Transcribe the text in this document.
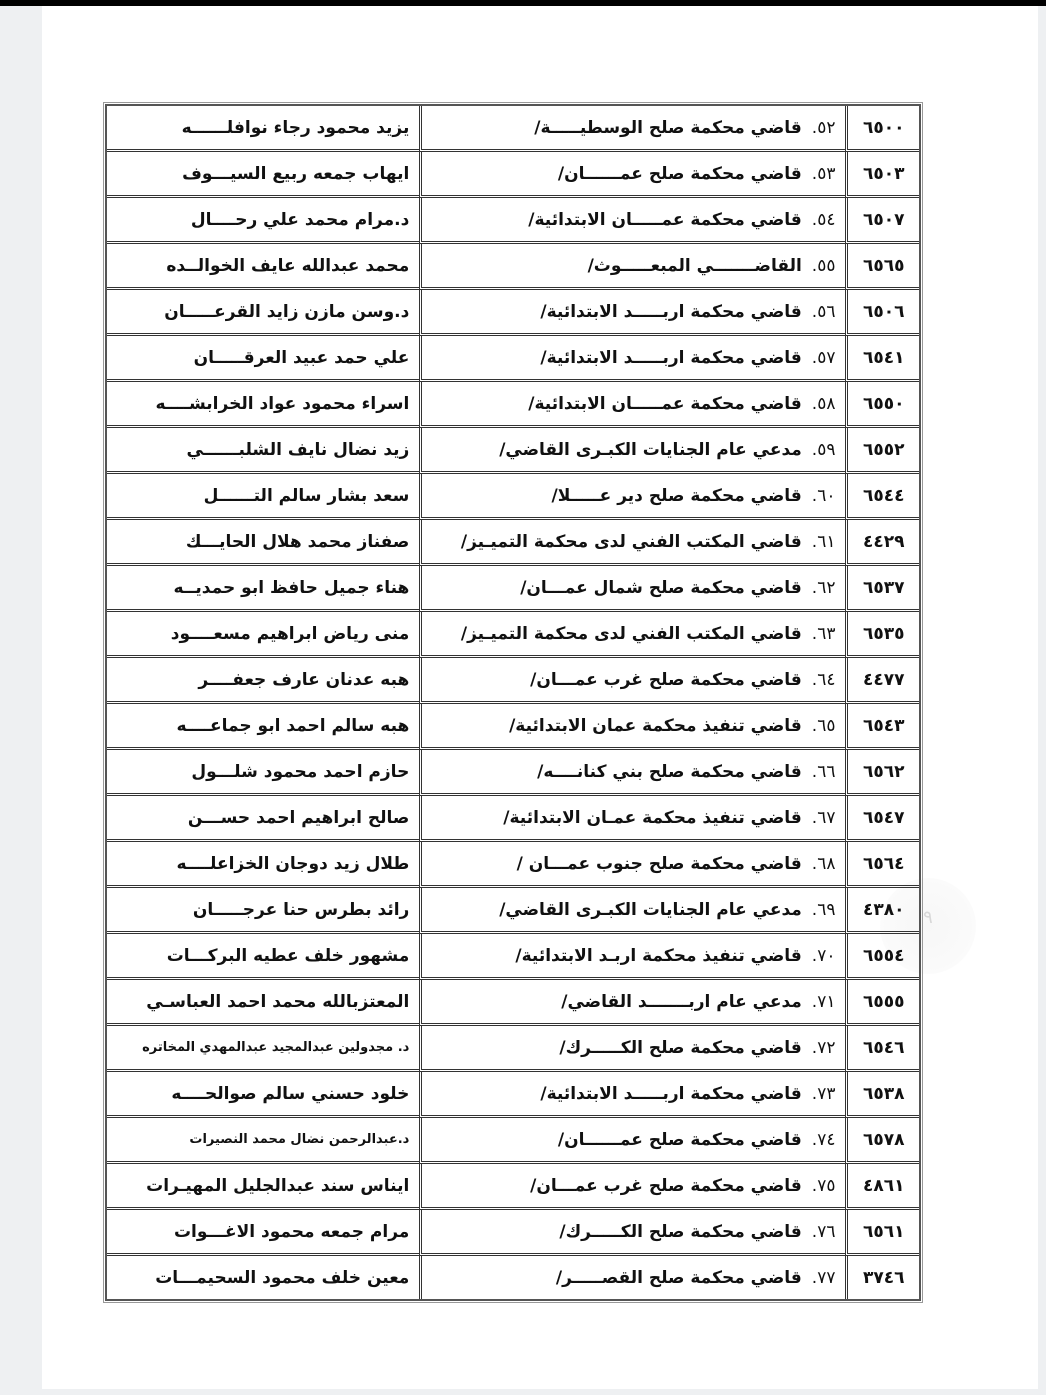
٩
٦٥٠٠	٥٢.قاضي محكمة صلح الوسطيـــــة/	يزيد محمود رجاء نوافلــــــه
٦٥٠٣	٥٣.قاضي محكمة صلح عمــــــان/	ايهاب جمعه ربيع السيـــوف
٦٥٠٧	٥٤.قاضي محكمة عمـــــان الابتدائية/	د.مرام محمد علي رحــــال
٦٥٦٥	٥٥.القاضـــــــي المبعـــــوث/	محمد عبدالله عايف الخوالــده
٦٥٠٦	٥٦.قاضي محكمة اربـــــد الابتدائية/	د.وسن مازن زايد القرعـــــان
٦٥٤١	٥٧.قاضي محكمة اربـــــد الابتدائية/	علي حمد عبيد العرقـــــان
٦٥٥٠	٥٨.قاضي محكمة عمـــــان الابتدائية/	اسراء محمود عواد الخرابشــــه
٦٥٥٢	٥٩.مدعي عام الجنايات الكبـرى القاضي/	زيد نضال نايف الشلبــــــي
٦٥٤٤	٦٠.قاضي محكمة صلح دير عـــــلا/	سعد بشار سالم التــــــل
٤٤٢٩	٦١.قاضي المكتب الفني لدى محكمة التميـيز/	صفناز محمد هلال الحايـــك
٦٥٣٧	٦٢.قاضي محكمة صلح شمال عمـــان/	هناء جميل حافظ ابو حمديــه
٦٥٣٥	٦٣.قاضي المكتب الفني لدى محكمة التميـيز/	منى رياض ابراهيم مسعــــود
٤٤٧٧	٦٤.قاضي محكمة صلح غرب عمـــان/	هبه عدنان عارف جعفــــر
٦٥٤٣	٦٥.قاضي تنفيذ محكمة عمان الابتدائية/	هبه سالم احمد ابو جماعــــه
٦٥٦٢	٦٦.قاضي محكمة صلح بني كنانــــه/	حازم احمد محمود شلـــول
٦٥٤٧	٦٧.قاضي تنفيذ محكمة عمـان الابتدائية/	صالح ابراهيم احمد حســـن
٦٥٦٤	٦٨.قاضي محكمة صلح جنوب عمـــان /	طلال زيد دوجان الخزاعلــــه
٤٣٨٠	٦٩.مدعي عام الجنايات الكبـرى القاضي/	رائد بطرس حنا عرجـــــان
٦٥٥٤	٧٠.قاضي تنفيذ محكمة اربـد الابتدائية/	مشهور خلف عطيه البركـــات
٦٥٥٥	٧١.مدعي عام اربـــــــد القاضي/	المعتزبالله محمد احمد العباسـي
٦٥٤٦	٧٢.قاضي محكمة صلح الكـــــرك/	د. مجدولين عبدالمجيد عبدالمهدي المخاتره
٦٥٣٨	٧٣.قاضي محكمة اربـــــد الابتدائية/	خلود حسني سالم صوالحــــه
٦٥٧٨	٧٤.قاضي محكمة صلح عمــــــان/	د.عبدالرحمن نضال محمد النصيرات
٤٨٦١	٧٥.قاضي محكمة صلح غرب عمـــان/	ايناس سند عبدالجليل المهيـرات
٦٥٦١	٧٦.قاضي محكمة صلح الكـــــرك/	مرام جمعه محمود الاغـــوات
٣٧٤٦	٧٧.قاضي محكمة صلح القصـــــر/	معين خلف محمود السحيمـــات
